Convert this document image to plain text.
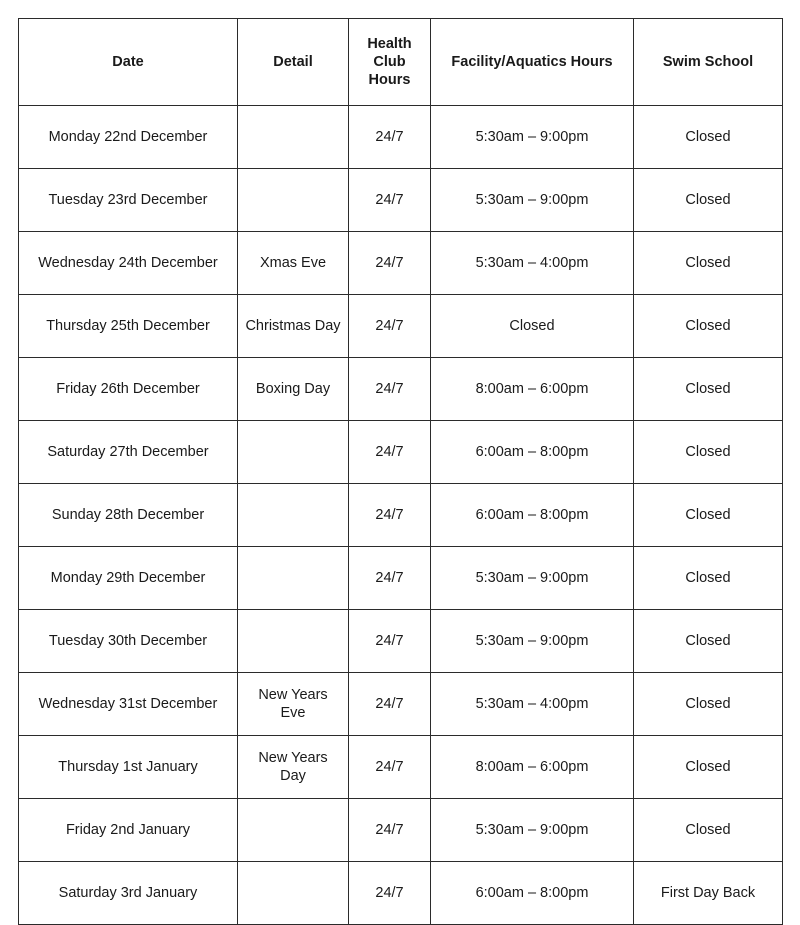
Date	Detail	Health Club Hours	Facility/Aquatics Hours	Swim School
Monday 22nd December		24/7	5:30am – 9:00pm	Closed
Tuesday 23rd December		24/7	5:30am – 9:00pm	Closed
Wednesday 24th December	Xmas Eve	24/7	5:30am – 4:00pm	Closed
Thursday 25th December	Christmas Day	24/7	Closed	Closed
Friday 26th December	Boxing Day	24/7	8:00am – 6:00pm	Closed
Saturday 27th December		24/7	6:00am – 8:00pm	Closed
Sunday 28th December		24/7	6:00am – 8:00pm	Closed
Monday 29th December		24/7	5:30am – 9:00pm	Closed
Tuesday 30th December		24/7	5:30am – 9:00pm	Closed
Wednesday 31st December	New Years Eve	24/7	5:30am – 4:00pm	Closed
Thursday 1st January	New Years Day	24/7	8:00am – 6:00pm	Closed
Friday 2nd January		24/7	5:30am – 9:00pm	Closed
Saturday 3rd January		24/7	6:00am – 8:00pm	First Day Back
